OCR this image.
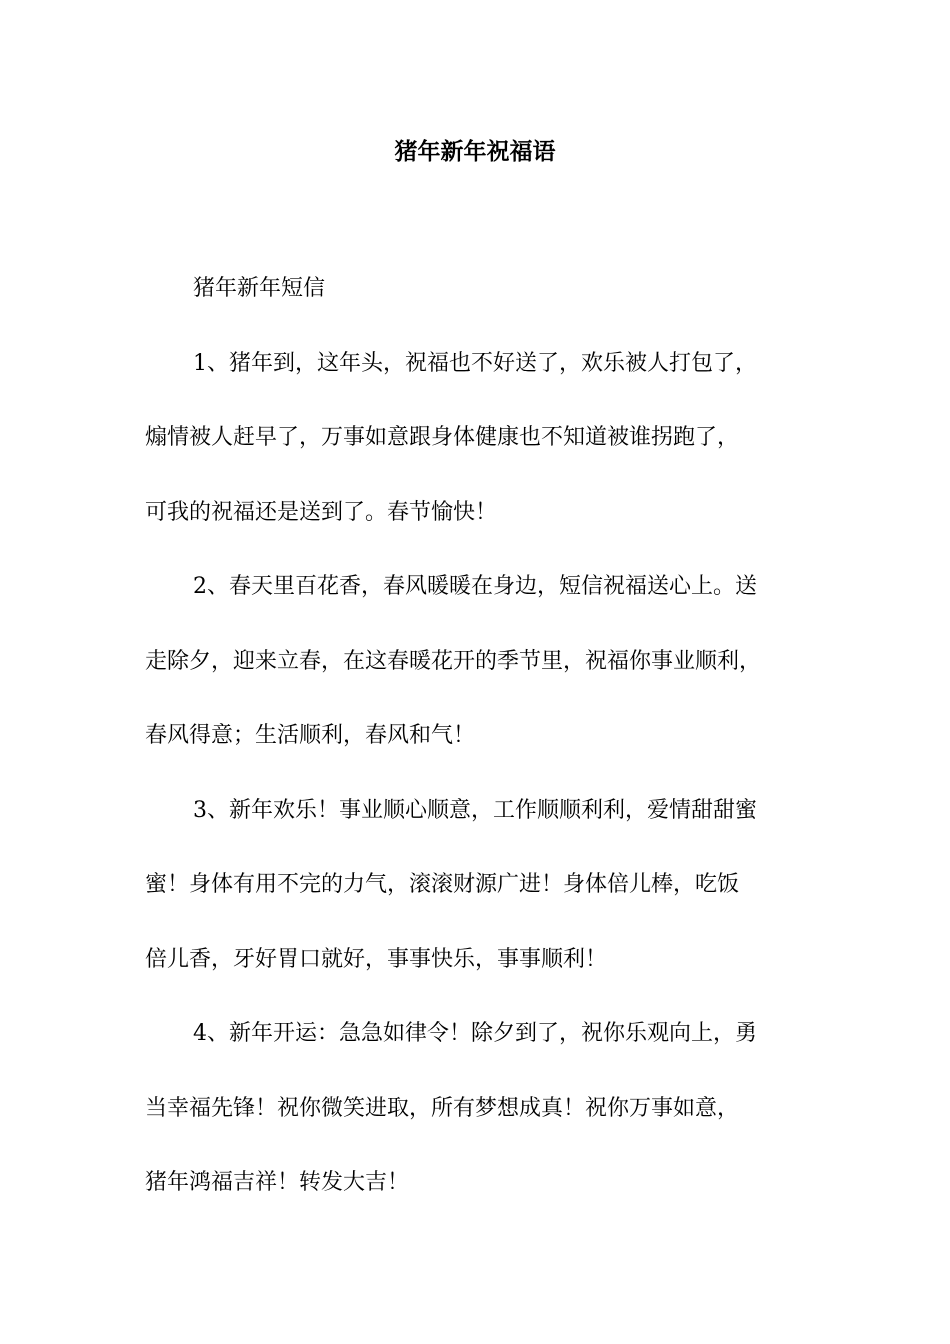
猪年新年祝福语

猪年新年短信

1、猪年到，这年头，祝福也不好送了，欢乐被人打包了，
煽情被人赶早了，万事如意跟身体健康也不知道被谁拐跑了，
可我的祝福还是送到了。春节愉快！

2、春天里百花香，春风暖暖在身边，短信祝福送心上。送
走除夕，迎来立春，在这春暖花开的季节里，祝福你事业顺利，
春风得意；生活顺利，春风和气！

3、新年欢乐！事业顺心顺意，工作顺顺利利，爱情甜甜蜜
蜜！身体有用不完的力气，滚滚财源广进！身体倍儿棒，吃饭
倍儿香，牙好胃口就好，事事快乐，事事顺利！

4、新年开运：急急如律令！除夕到了，祝你乐观向上，勇
当幸福先锋！祝你微笑进取，所有梦想成真！祝你万事如意，
猪年鸿福吉祥！转发大吉！
